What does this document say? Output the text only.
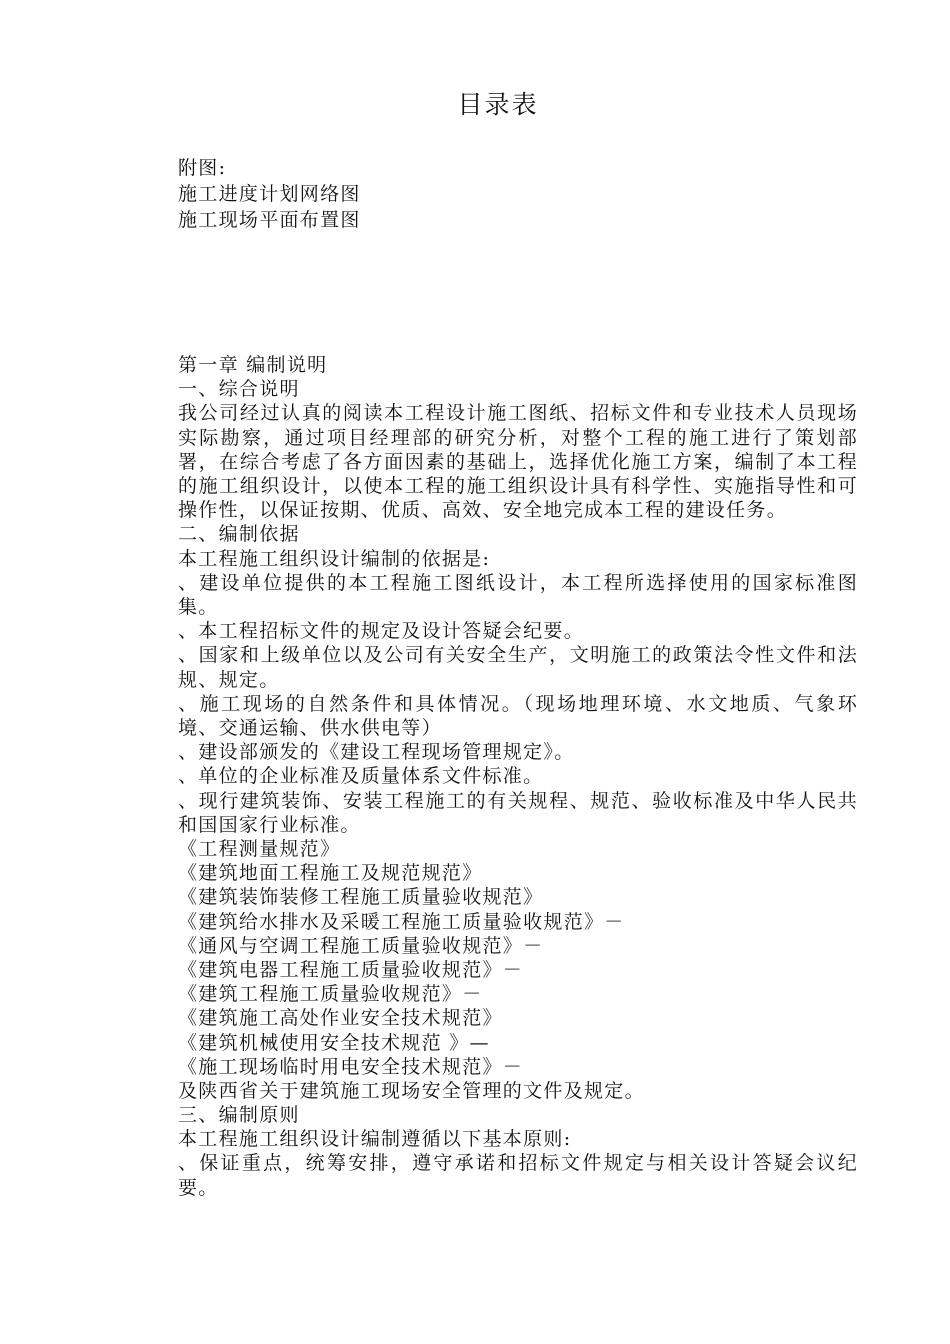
目录表
附图:
施工进度计划网络图
施工现场平面布置图
第一章 编制说明
一、综合说明
我公司经过认真的阅读本工程设计施工图纸、招标文件和专业技术人员现场实际勘察，通过项目经理部的研究分析，对整个工程的施工进行了策划部署，在综合考虑了各方面因素的基础上，选择优化施工方案，编制了本工程的施工组织设计，以使本工程的施工组织设计具有科学性、实施指导性和可操作性，以保证按期、优质、高效、安全地完成本工程的建设任务。
二、编制依据
本工程施工组织设计编制的依据是:
、建设单位提供的本工程施工图纸设计，本工程所选择使用的国家标准图集。
、本工程招标文件的规定及设计答疑会纪要。
、国家和上级单位以及公司有关安全生产，文明施工的政策法令性文件和法规、规定。
、施工现场的自然条件和具体情况。（现场地理环境、水文地质、气象环境、交通运输、供水供电等）
、建设部颁发的《建设工程现场管理规定》。
、单位的企业标准及质量体系文件标准。
、现行建筑装饰、安装工程施工的有关规程、规范、验收标准及中华人民共和国国家行业标准。
《工程测量规范》
《建筑地面工程施工及规范规范》
《建筑装饰装修工程施工质量验收规范》
《建筑给水排水及采暖工程施工质量验收规范》－
《通风与空调工程施工质量验收规范》－
《建筑电器工程施工质量验收规范》－
《建筑工程施工质量验收规范》－
《建筑施工高处作业安全技术规范》
《建筑机械使用安全技术规范 》—
《施工现场临时用电安全技术规范》－
及陕西省关于建筑施工现场安全管理的文件及规定。
三、编制原则
本工程施工组织设计编制遵循以下基本原则:
、保证重点，统筹安排，遵守承诺和招标文件规定与相关设计答疑会议纪要。
